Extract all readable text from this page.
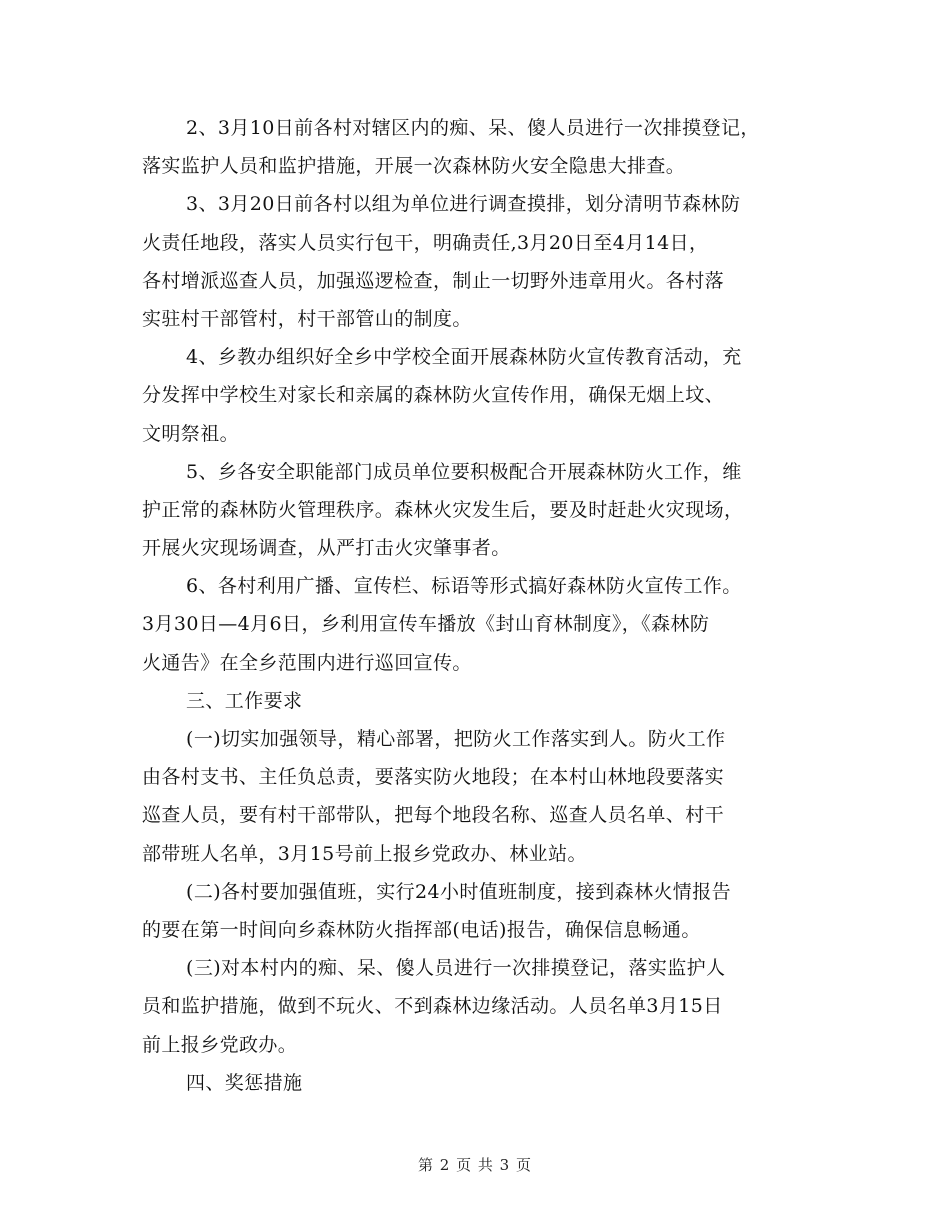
2、3月10日前各村对辖区内的痴、呆、傻人员进行一次排摸登记，
落实监护人员和监护措施，开展一次森林防火安全隐患大排查。
3、3月20日前各村以组为单位进行调查摸排，划分清明节森林防
火责任地段，落实人员实行包干，明确责任,3月20日至4月14日，
各村增派巡查人员，加强巡逻检查，制止一切野外违章用火。各村落
实驻村干部管村，村干部管山的制度。
4、乡教办组织好全乡中学校全面开展森林防火宣传教育活动，充
分发挥中学校生对家长和亲属的森林防火宣传作用，确保无烟上坟、
文明祭祖。
5、乡各安全职能部门成员单位要积极配合开展森林防火工作，维
护正常的森林防火管理秩序。森林火灾发生后，要及时赶赴火灾现场，
开展火灾现场调查，从严打击火灾肇事者。
6、各村利用广播、宣传栏、标语等形式搞好森林防火宣传工作。
3月30日—4月6日，乡利用宣传车播放《封山育林制度》，《森林防
火通告》在全乡范围内进行巡回宣传。
三、工作要求
(一)切实加强领导，精心部署，把防火工作落实到人。防火工作
由各村支书、主任负总责，要落实防火地段；在本村山林地段要落实
巡查人员，要有村干部带队，把每个地段名称、巡查人员名单、村干
部带班人名单，3月15号前上报乡党政办、林业站。
(二)各村要加强值班，实行24小时值班制度，接到森林火情报告
的要在第一时间向乡森林防火指挥部(电话)报告，确保信息畅通。
(三)对本村内的痴、呆、傻人员进行一次排摸登记，落实监护人
员和监护措施，做到不玩火、不到森林边缘活动。人员名单3月15日
前上报乡党政办。
四、奖惩措施
第 2 页 共 3 页
